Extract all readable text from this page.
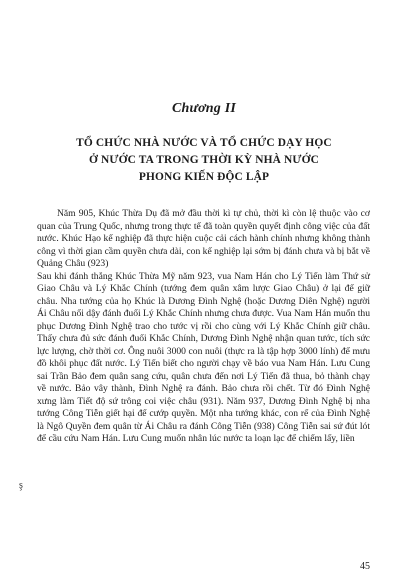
Chương II
TỔ CHỨC NHÀ NƯỚC VÀ TỔ CHỨC DẠY HỌC
Ở NƯỚC TA TRONG THỜI KỲ NHÀ NƯỚC
PHONG KIẾN ĐỘC LẬP

Năm 905, Khúc Thừa Dụ đã mở đầu thời kì tự chủ, thời kì còn lệ thuộc vào cơ quan của Trung Quốc, nhưng trong thực tế đã toàn quyền quyết định công việc của đất nước. Khúc Hạo kế nghiệp đã thực hiện cuộc cải cách hành chính nhưng không thành công vì thời gian cầm quyền chưa dài, con kế nghiệp lại sớm bị đánh chưa và bị bắt về Quảng Châu (923)

Sau khi đánh thắng Khúc Thừa Mỹ năm 923, vua Nam Hán cho Lý Tiến làm Thứ sử Giao Châu và Lý Khắc Chính (tướng đem quân xâm lược Giao Châu) ở lại để giữ châu. Nha tướng của họ Khúc là Dương Đình Nghệ (hoặc Dương Diên Nghệ) người Ái Châu nổi dậy đánh đuổi Lý Khắc Chính nhưng chưa được. Vua Nam Hán muốn thu phục Dương Đình Nghệ trao cho tước vị rồi cho cùng với Lý Khắc Chính giữ châu. Thấy chưa đủ sức đánh đuổi Khắc Chính, Dương Đình Nghệ nhận quan tước, tích sức lực lượng, chờ thời cơ. Ông nuôi 3000 con nuôi (thực ra là tập hợp 3000 lính) để mưu đồ khôi phục đất nước. Lý Tiến biết cho người chạy về báo vua Nam Hán. Lưu Cung sai Trần Bảo đem quân sang cứu, quân chưa đến nơi Lý Tiến đã thua, bỏ thành chạy về nước. Bảo vây thành, Đình Nghệ ra đánh. Bảo chưa rồi chết. Từ đó Đình Nghệ xưng làm Tiết độ sứ trông coi việc châu (931). Năm 937, Dương Đình Nghệ bị nha tướng Công Tiễn giết hại để cướp quyền. Một nha tướng khác, con rể của Đình Nghệ là Ngô Quyền đem quân từ Ái Châu ra đánh Công Tiễn (938) Công Tiễn sai sứ đút lót để cầu cứu Nam Hán. Lưu Cung muốn nhân lúc nước ta loạn lạc để chiếm lấy, liền

ş
45
